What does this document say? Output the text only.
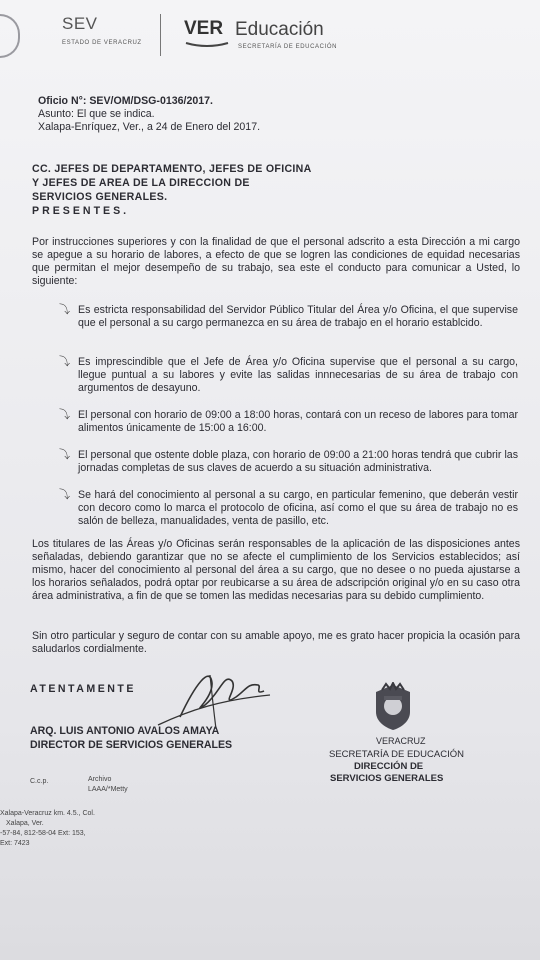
SEV
ESTADO DE VERACRUZ
VER Educación
SECRETARÍA DE EDUCACIÓN
Oficio N°: SEV/OM/DSG-0136/2017.
Asunto: El que se indica.
Xalapa-Enríquez, Ver., a 24 de Enero del 2017.
CC. JEFES DE DEPARTAMENTO, JEFES DE OFICINA
Y JEFES DE AREA DE LA DIRECCION DE
SERVICIOS GENERALES.
PRESENTES.
Por instrucciones superiores y con la finalidad de que el personal adscrito a esta Dirección a mi cargo se apegue a su horario de labores, a efecto de que se logren las condiciones de equidad necesarias que permitan el mejor desempeño de su trabajo, sea este el conducto para comunicar a Usted, lo siguiente:
⤵ Es estricta responsabilidad del Servidor Público Titular del Área y/o Oficina, el que supervise que el personal a su cargo permanezca en su área de trabajo en el horario establcido.
⤵ Es imprescindible que el Jefe de Área y/o Oficina supervise que el personal a su cargo, llegue puntual a su labores y evite las salidas innnecesarias de su área de trabajo con argumentos de desayuno.
⤵ El personal con horario de 09:00 a 18:00 horas, contará con un receso de labores para tomar alimentos únicamente de 15:00 a 16:00.
⤵ El personal que ostente doble plaza, con horario de 09:00 a 21:00 horas tendrá que cubrir las jornadas completas de sus claves de acuerdo a su situación administrativa.
⤵ Se hará del conocimiento al personal a su cargo, en particular femenino, que deberán vestir con decoro como lo marca el protocolo de oficina, así como el que su área de trabajo no es salón de belleza, manualidades, venta de pasillo, etc.
Los titulares de las Áreas y/o Oficinas serán responsables de la aplicación de las disposiciones antes señaladas, debiendo garantizar que no se afecte el cumplimiento de los Servicios establecidos; así mismo, hacer del conocimiento al personal del área a su cargo, que no desee o no pueda ajustarse a los horarios señalados, podrá optar por reubicarse a su área de adscripción original y/o en su caso otra área administrativa, a fin de que se tomen las medidas necesarias para su debido cumplimiento.
Sin otro particular y seguro de contar con su amable apoyo, me es grato hacer propicia la ocasión para saludarlos cordialmente.
ATENTAMENTE
ARQ. LUIS ANTONIO AVALOS AMAYA
DIRECTOR DE SERVICIOS GENERALES	VERACRUZ
SECRETARÍA DE EDUCACIÓN
DIRECCIÓN DE
SERVICIOS GENERALES
C.c.p.	Archivo
LAAA/*Metty
Xalapa-Veracruz km. 4.5., Col.
Xalapa, Ver.
-57-84, 812-58-04 Ext: 153,
Ext: 7423
